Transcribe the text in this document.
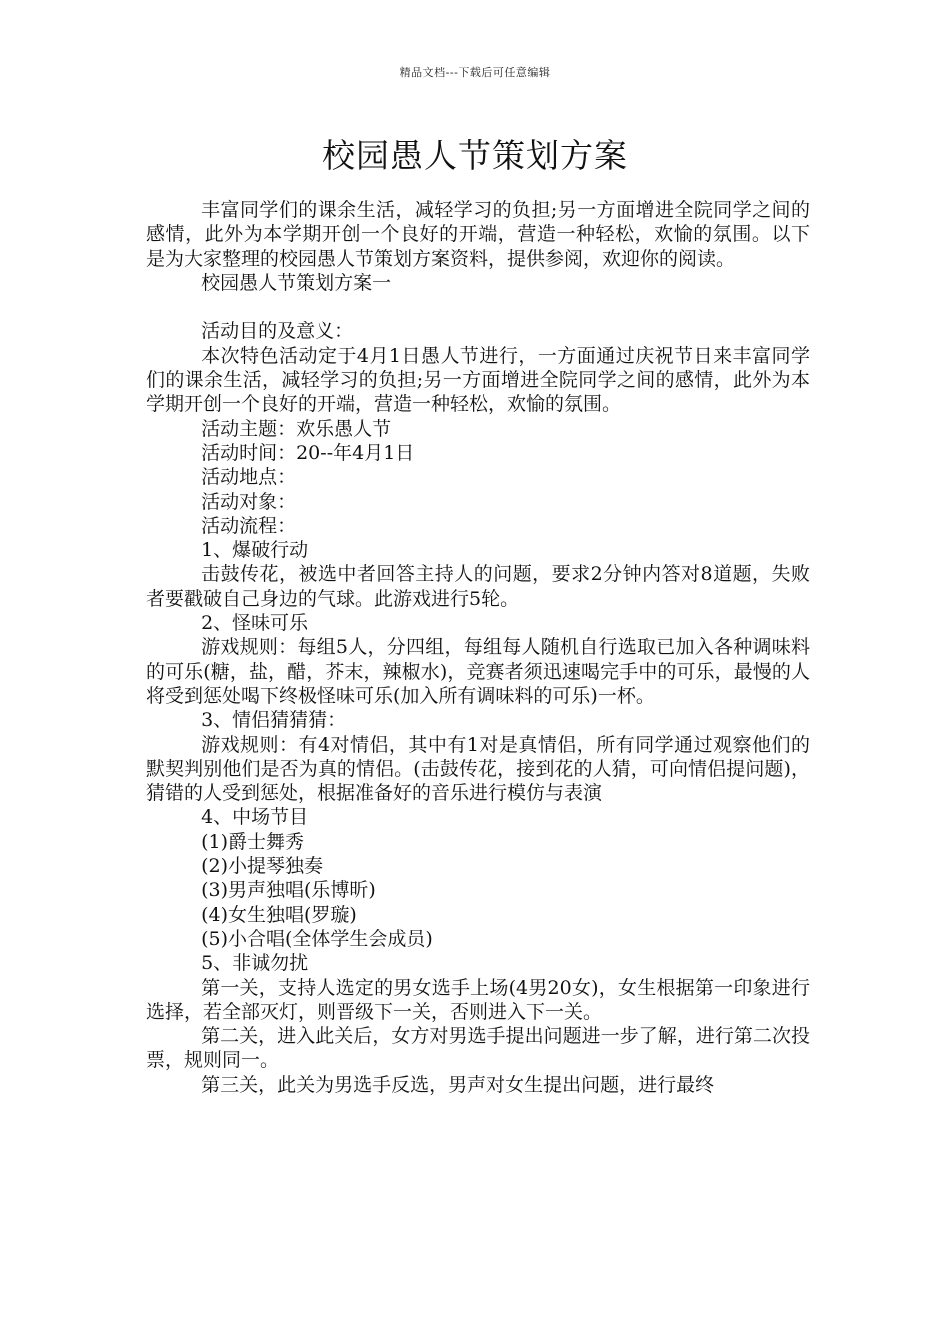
精品文档---下载后可任意编辑
校园愚人节策划方案

丰富同学们的课余生活，减轻学习的负担;另一方面增进全院同学之间的感情，此外为本学期开创一个良好的开端，营造一种轻松，欢愉的氛围。以下是为大家整理的校园愚人节策划方案资料，提供参阅，欢迎你的阅读。

校园愚人节策划方案一

活动目的及意义：

本次特色活动定于4月1日愚人节进行，一方面通过庆祝节日来丰富同学们的课余生活，减轻学习的负担;另一方面增进全院同学之间的感情，此外为本学期开创一个良好的开端，营造一种轻松，欢愉的氛围。

活动主题：欢乐愚人节

活动时间：20--年4月1日

活动地点：

活动对象：

活动流程：

1、爆破行动

击鼓传花，被选中者回答主持人的问题，要求2分钟内答对8道题，失败者要戳破自己身边的气球。此游戏进行5轮。

2、怪味可乐

游戏规则：每组5人，分四组，每组每人随机自行选取已加入各种调味料的可乐(糖，盐，醋，芥末，辣椒水)，竞赛者须迅速喝完手中的可乐，最慢的人将受到惩处喝下终极怪味可乐(加入所有调味料的可乐)一杯。

3、情侣猜猜猜：

游戏规则：有4对情侣，其中有1对是真情侣，所有同学通过观察他们的默契判别他们是否为真的情侣。(击鼓传花，接到花的人猜，可向情侣提问题)，猜错的人受到惩处，根据准备好的音乐进行模仿与表演

4、中场节目

(1)爵士舞秀

(2)小提琴独奏

(3)男声独唱(乐博昕)

(4)女生独唱(罗璇)

(5)小合唱(全体学生会成员)

5、非诚勿扰

第一关，支持人选定的男女选手上场(4男20女)，女生根据第一印象进行选择，若全部灭灯，则晋级下一关，否则进入下一关。

第二关，进入此关后，女方对男选手提出问题进一步了解，进行第二次投票，规则同一。

第三关，此关为男选手反选，男声对女生提出问题，进行最终
